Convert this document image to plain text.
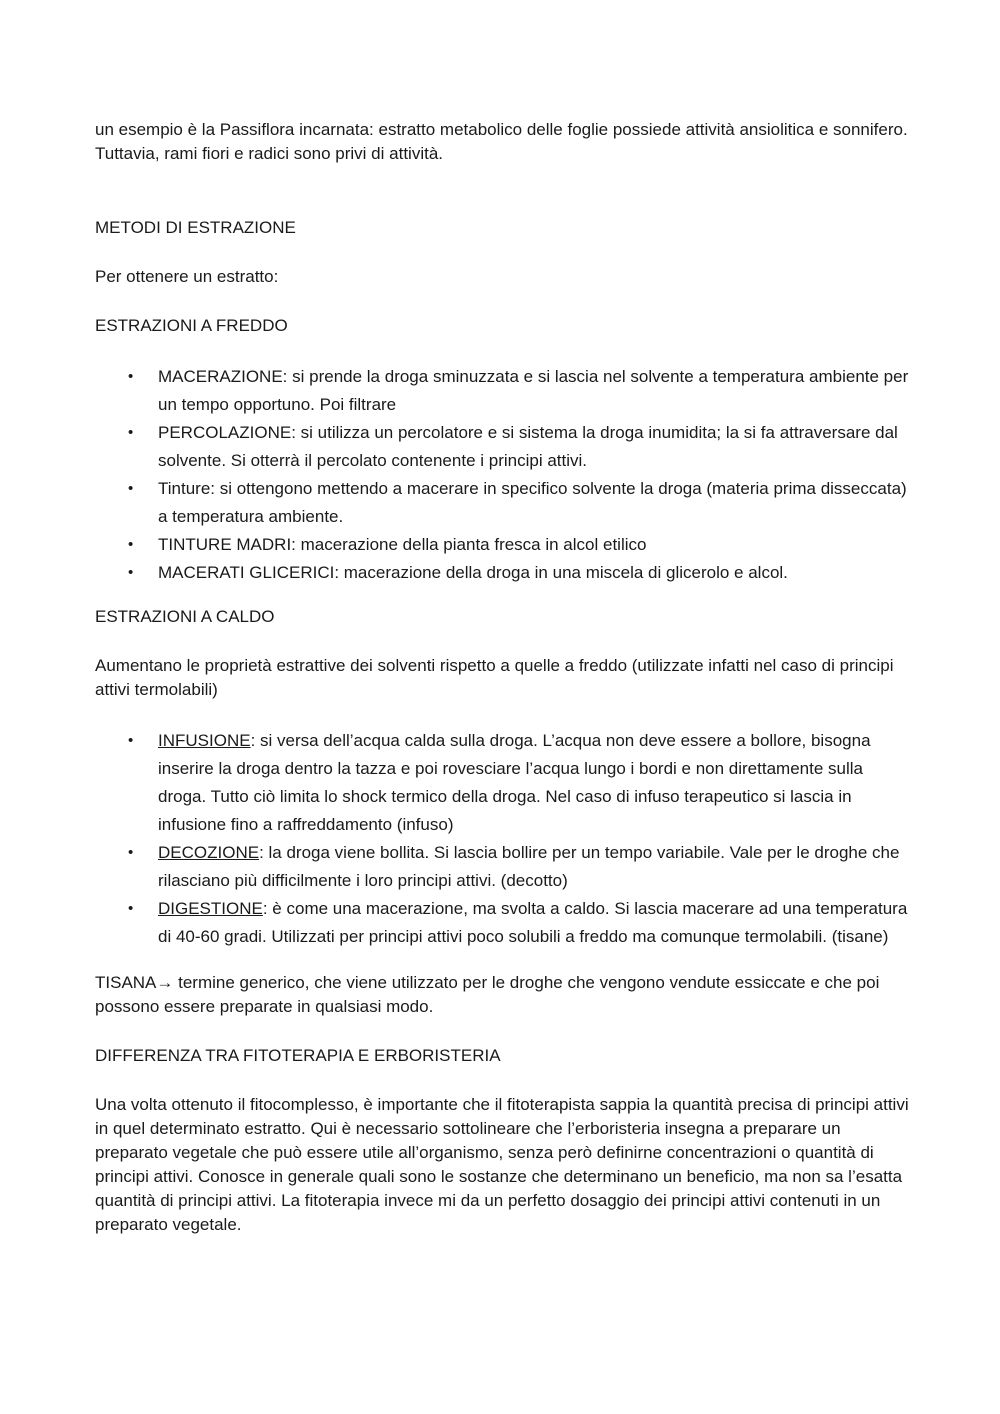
un esempio è la Passiflora incarnata: estratto metabolico delle foglie possiede attività ansiolitica e sonnifero. Tuttavia, rami fiori e radici sono privi di attività.

METODI DI ESTRAZIONE

Per ottenere un estratto:

ESTRAZIONI A FREDDO

• MACERAZIONE: si prende la droga sminuzzata e si lascia nel solvente a temperatura ambiente per un tempo opportuno. Poi filtrare
• PERCOLAZIONE: si utilizza un percolatore e si sistema la droga inumidita; la si fa attraversare dal solvente. Si otterrà il percolato contenente i principi attivi.
• Tinture: si ottengono mettendo a macerare in specifico solvente la droga (materia prima disseccata) a temperatura ambiente.
• TINTURE MADRI: macerazione della pianta fresca in alcol etilico
• MACERATI GLICERICI: macerazione della droga in una miscela di glicerolo e alcol.

ESTRAZIONI A CALDO

Aumentano le proprietà estrattive dei solventi rispetto a quelle a freddo (utilizzate infatti nel caso di principi attivi termolabili)

• INFUSIONE: si versa dell’acqua calda sulla droga. L’acqua non deve essere a bollore, bisogna inserire la droga dentro la tazza e poi rovesciare l’acqua lungo i bordi e non direttamente sulla droga. Tutto ciò limita lo shock termico della droga. Nel caso di infuso terapeutico si lascia in infusione fino a raffreddamento (infuso)
• DECOZIONE: la droga viene bollita. Si lascia bollire per un tempo variabile. Vale per le droghe che rilasciano più difficilmente i loro principi attivi. (decotto)
• DIGESTIONE: è come una macerazione, ma svolta a caldo. Si lascia macerare ad una temperatura di 40-60 gradi. Utilizzati per principi attivi poco solubili a freddo ma comunque termolabili. (tisane)

TISANA→ termine generico, che viene utilizzato per le droghe che vengono vendute essiccate e che poi possono essere preparate in qualsiasi modo.

DIFFERENZA TRA FITOTERAPIA E ERBORISTERIA

Una volta ottenuto il fitocomplesso, è importante che il fitoterapista sappia la quantità precisa di principi attivi in quel determinato estratto. Qui è necessario sottolineare che l’erboristeria insegna a preparare un preparato vegetale che può essere utile all’organismo, senza però definirne concentrazioni o quantità di principi attivi. Conosce in generale quali sono le sostanze che determinano un beneficio, ma non sa l’esatta quantità di principi attivi. La fitoterapia invece mi da un perfetto dosaggio dei principi attivi contenuti in un preparato vegetale.
